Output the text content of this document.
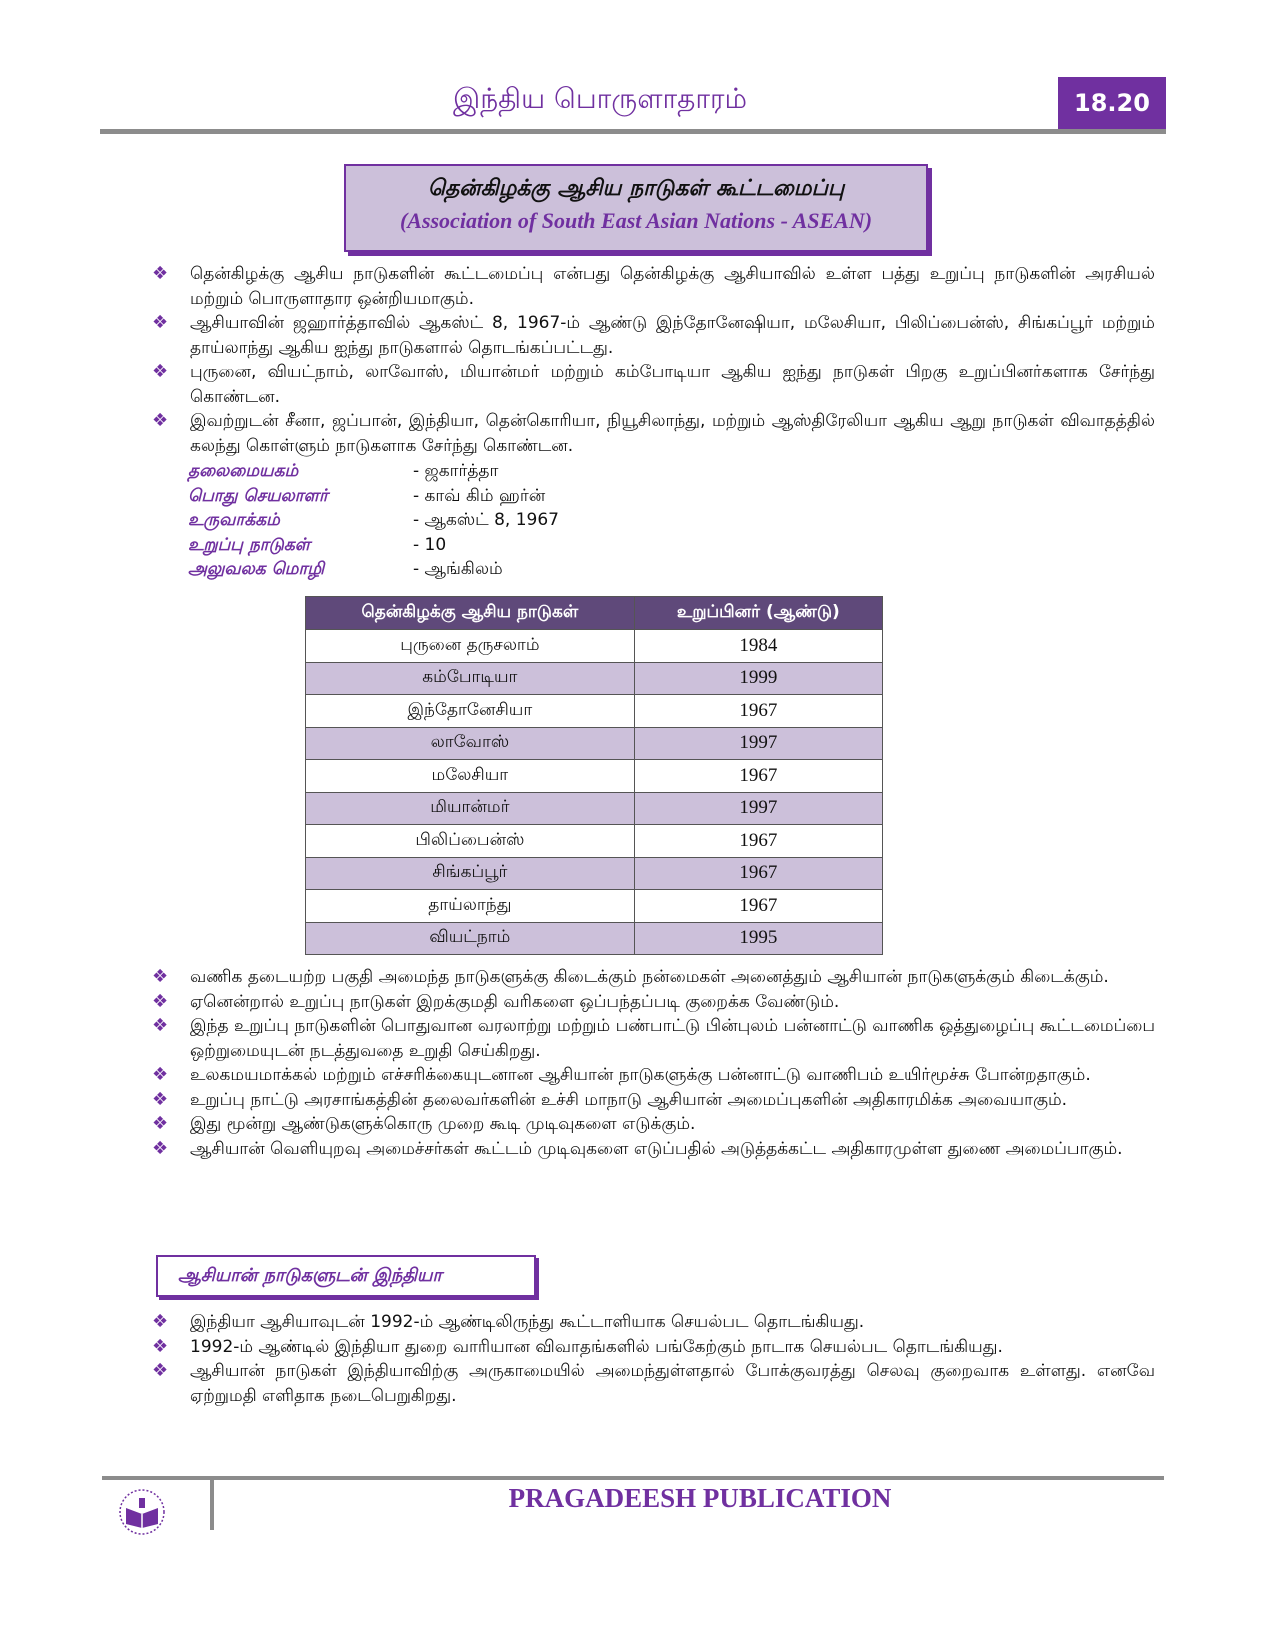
இந்திய பொருளாதாரம்	18.20
தென்கிழக்கு ஆசிய நாடுகள் கூட்டமைப்பு
(Association of South East Asian Nations - ASEAN)
❖ தென்கிழக்கு ஆசிய நாடுகளின் கூட்டமைப்பு என்பது தென்கிழக்கு ஆசியாவில் உள்ள பத்து உறுப்பு நாடுகளின் அரசியல் மற்றும் பொருளாதார ஒன்றியமாகும்.
❖ ஆசியாவின் ஜஹார்த்தாவில் ஆகஸ்ட் 8, 1967-ம் ஆண்டு இந்தோனேஷியா, மலேசியா, பிலிப்பைன்ஸ், சிங்கப்பூர் மற்றும் தாய்லாந்து ஆகிய ஐந்து நாடுகளால் தொடங்கப்பட்டது.
❖ புருனை, வியட்நாம், லாவோஸ், மியான்மர் மற்றும் கம்போடியா ஆகிய ஐந்து நாடுகள் பிறகு உறுப்பினர்களாக சேர்ந்து கொண்டன.
❖ இவற்றுடன் சீனா, ஜப்பான், இந்தியா, தென்கொரியா, நியூசிலாந்து, மற்றும் ஆஸ்திரேலியா ஆகிய ஆறு நாடுகள் விவாதத்தில் கலந்து கொள்ளும் நாடுகளாக சேர்ந்து கொண்டன.
தலைமையகம்	- ஜகார்த்தா
பொது செயலாளர்	- காவ் கிம் ஹர்ன்
உருவாக்கம்	- ஆகஸ்ட் 8, 1967
உறுப்பு நாடுகள்	- 10
அலுவலக மொழி	- ஆங்கிலம்
தென்கிழக்கு ஆசிய நாடுகள்	உறுப்பினர் (ஆண்டு)
புருனை தருசலாம்	1984
கம்போடியா	1999
இந்தோனேசியா	1967
லாவோஸ்	1997
மலேசியா	1967
மியான்மர்	1997
பிலிப்பைன்ஸ்	1967
சிங்கப்பூர்	1967
தாய்லாந்து	1967
வியட்நாம்	1995
❖ வணிக தடையற்ற பகுதி அமைந்த நாடுகளுக்கு கிடைக்கும் நன்மைகள் அனைத்தும் ஆசியான் நாடுகளுக்கும் கிடைக்கும்.
❖ ஏனென்றால் உறுப்பு நாடுகள் இறக்குமதி வரிகளை ஒப்பந்தப்படி குறைக்க வேண்டும்.
❖ இந்த உறுப்பு நாடுகளின் பொதுவான வரலாற்று மற்றும் பண்பாட்டு பின்புலம் பன்னாட்டு வாணிக ஒத்துழைப்பு கூட்டமைப்பை ஒற்றுமையுடன் நடத்துவதை உறுதி செய்கிறது.
❖ உலகமயமாக்கல் மற்றும் எச்சரிக்கையுடனான ஆசியான் நாடுகளுக்கு பன்னாட்டு வாணிபம் உயிர்மூச்சு போன்றதாகும்.
❖ உறுப்பு நாட்டு அரசாங்கத்தின் தலைவர்களின் உச்சி மாநாடு ஆசியான் அமைப்புகளின் அதிகாரமிக்க அவையாகும்.
❖ இது மூன்று ஆண்டுகளுக்கொரு முறை கூடி முடிவுகளை எடுக்கும்.
❖ ஆசியான் வெளியுறவு அமைச்சர்கள் கூட்டம் முடிவுகளை எடுப்பதில் அடுத்தக்கட்ட அதிகாரமுள்ள துணை அமைப்பாகும்.
ஆசியான் நாடுகளுடன் இந்தியா
❖ இந்தியா ஆசியாவுடன் 1992-ம் ஆண்டிலிருந்து கூட்டாளியாக செயல்பட தொடங்கியது.
❖ 1992-ம் ஆண்டில் இந்தியா துறை வாரியான விவாதங்களில் பங்கேற்கும் நாடாக செயல்பட தொடங்கியது.
❖ ஆசியான் நாடுகள் இந்தியாவிற்கு அருகாமையில் அமைந்துள்ளதால் போக்குவரத்து செலவு குறைவாக உள்ளது. எனவே ஏற்றுமதி எளிதாக நடைபெறுகிறது.
PRAGADEESH PUBLICATION
